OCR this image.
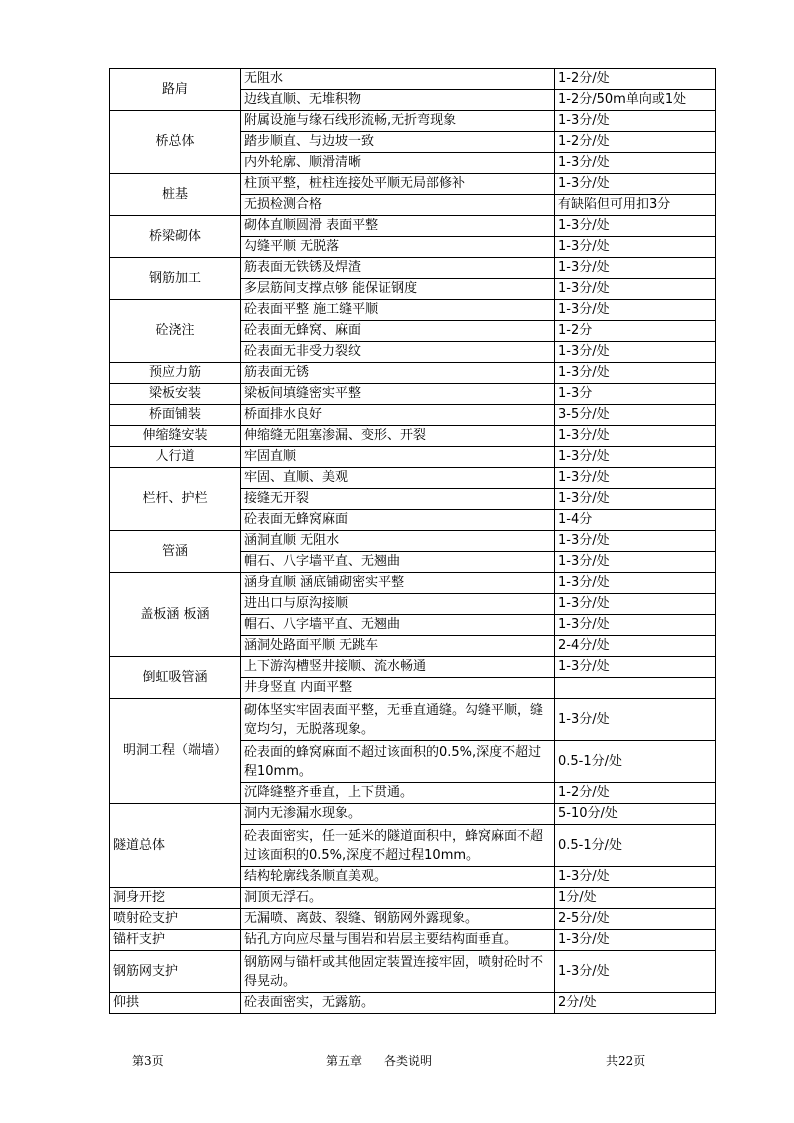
路肩	无阻水	1-2分/处
	边线直顺、无堆积物	1-2分/50m单向或1处
桥总体	附属设施与缘石线形流畅,无折弯现象	1-3分/处
	踏步顺直、与边坡一致	1-2分/处
	内外轮廓、顺滑清晰	1-3分/处
桩基	柱顶平整，桩柱连接处平顺无局部修补	1-3分/处
	无损检测合格	有缺陷但可用扣3分
桥梁砌体	砌体直顺圆滑 表面平整	1-3分/处
	勾缝平顺 无脱落	1-3分/处
钢筋加工	筋表面无铁锈及焊渣	1-3分/处
	多层筋间支撑点够 能保证钢度	1-3分/处
砼浇注	砼表面平整 施工缝平顺	1-3分/处
	砼表面无蜂窝、麻面	1-2分
	砼表面无非受力裂纹	1-3分/处
预应力筋	筋表面无锈	1-3分/处
梁板安装	梁板间填缝密实平整	1-3分
桥面铺装	桥面排水良好	3-5分/处
伸缩缝安装	伸缩缝无阻塞渗漏、变形、开裂	1-3分/处
人行道	牢固直顺	1-3分/处
栏杆、护栏	牢固、直顺、美观	1-3分/处
	接缝无开裂	1-3分/处
	砼表面无蜂窝麻面	1-4分
管涵	涵洞直顺 无阻水	1-3分/处
	帽石、八字墙平直、无翘曲	1-3分/处
盖板涵 板涵	涵身直顺 涵底铺砌密实平整	1-3分/处
	进出口与原沟接顺	1-3分/处
	帽石、八字墙平直、无翘曲	1-3分/处
	涵洞处路面平顺 无跳车	2-4分/处
倒虹吸管涵	上下游沟槽竖井接顺、流水畅通	1-3分/处
	井身竖直 内面平整	
明洞工程（端墙）	砌体坚实牢固表面平整，无垂直通缝。勾缝平顺，缝宽均匀，无脱落现象。	1-3分/处
	砼表面的蜂窝麻面不超过该面积的0.5%,深度不超过程10mm。	0.5-1分/处
	沉降缝整齐垂直，上下贯通。	1-2分/处
隧道总体	洞内无渗漏水现象。	5-10分/处
	砼表面密实，任一延米的隧道面积中，蜂窝麻面不超过该面积的0.5%,深度不超过程10mm。	0.5-1分/处
	结构轮廓线条顺直美观。	1-3分/处
洞身开挖	洞顶无浮石。	1分/处
喷射砼支护	无漏喷、离鼓、裂缝、钢筋网外露现象。	2-5分/处
锚杆支护	钻孔方向应尽量与围岩和岩层主要结构面垂直。	1-3分/处
钢筋网支护	钢筋网与锚杆或其他固定装置连接牢固，喷射砼时不得晃动。	1-3分/处
仰拱	砼表面密实，无露筋。	2分/处
第3页	第五章 各类说明	共22页
